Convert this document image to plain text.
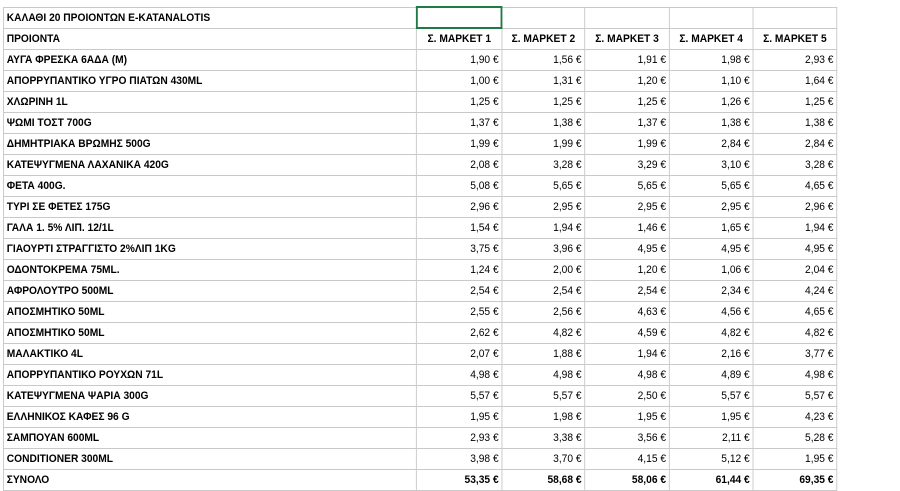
ΚΑΛΑΘΙ 20 ΠΡΟΙΟΝΤΩΝ E-KATANALOTIS					
ΠΡΟΙΟΝΤΑ	Σ. ΜΑΡΚΕΤ 1	Σ. ΜΑΡΚΕΤ 2	Σ. ΜΑΡΚΕΤ 3	Σ. ΜΑΡΚΕΤ 4	Σ. ΜΑΡΚΕΤ 5
ΑΥΓΑ ΦΡΕΣΚΑ 6ΑΔΑ (M)	1,90 €	1,56 €	1,91 €	1,98 €	2,93 €
ΑΠΟΡΡΥΠΑΝΤΙΚΟ ΥΓΡΟ ΠΙΑΤΩΝ 430ML	1,00 €	1,31 €	1,20 €	1,10 €	1,64 €
ΧΛΩΡΙΝΗ 1L	1,25 €	1,25 €	1,25 €	1,26 €	1,25 €
ΨΩΜΙ ΤΟΣΤ 700G	1,37 €	1,38 €	1,37 €	1,38 €	1,38 €
ΔΗΜΗΤΡΙΑΚΑ ΒΡΩΜΗΣ 500G	1,99 €	1,99 €	1,99 €	2,84 €	2,84 €
ΚΑΤΕΨΥΓΜΕΝΑ ΛΑΧΑΝΙΚΑ 420G	2,08 €	3,28 €	3,29 €	3,10 €	3,28 €
ΦΕΤΑ 400G.	5,08 €	5,65 €	5,65 €	5,65 €	4,65 €
ΤΥΡΙ ΣΕ ΦΕΤΕΣ 175G	2,96 €	2,95 €	2,95 €	2,95 €	2,96 €
ΓΑΛΑ 1. 5% ΛΙΠ. 12/1L	1,54 €	1,94 €	1,46 €	1,65 €	1,94 €
ΓΙΑΟΥΡΤΙ ΣΤΡΑΓΓΙΣΤΟ 2%ΛΙΠ 1KG	3,75 €	3,96 €	4,95 €	4,95 €	4,95 €
ΟΔΟΝΤΟΚΡΕΜΑ 75ML.	1,24 €	2,00 €	1,20 €	1,06 €	2,04 €
ΑΦΡΟΛΟΥΤΡΟ 500ML	2,54 €	2,54 €	2,54 €	2,34 €	4,24 €
ΑΠΟΣΜΗΤΙΚΟ 50ML	2,55 €	2,56 €	4,63 €	4,56 €	4,65 €
ΑΠΟΣΜΗΤΙΚΟ 50ML	2,62 €	4,82 €	4,59 €	4,82 €	4,82 €
ΜΑΛΑΚΤΙΚΟ 4L	2,07 €	1,88 €	1,94 €	2,16 €	3,77 €
ΑΠΟΡΡΥΠΑΝΤΙΚΟ ΡΟΥΧΩΝ 71L	4,98 €	4,98 €	4,98 €	4,89 €	4,98 €
ΚΑΤΕΨΥΓΜΕΝΑ ΨΑΡΙΑ 300G	5,57 €	5,57 €	2,50 €	5,57 €	5,57 €
ΕΛΛΗΝΙΚΟΣ ΚΑΦΕΣ 96 G	1,95 €	1,98 €	1,95 €	1,95 €	4,23 €
ΣΑΜΠΟΥΑΝ 600ML	2,93 €	3,38 €	3,56 €	2,11 €	5,28 €
CONDITIONER 300ML	3,98 €	3,70 €	4,15 €	5,12 €	1,95 €
ΣΥΝΟΛΟ	53,35 €	58,68 €	58,06 €	61,44 €	69,35 €
